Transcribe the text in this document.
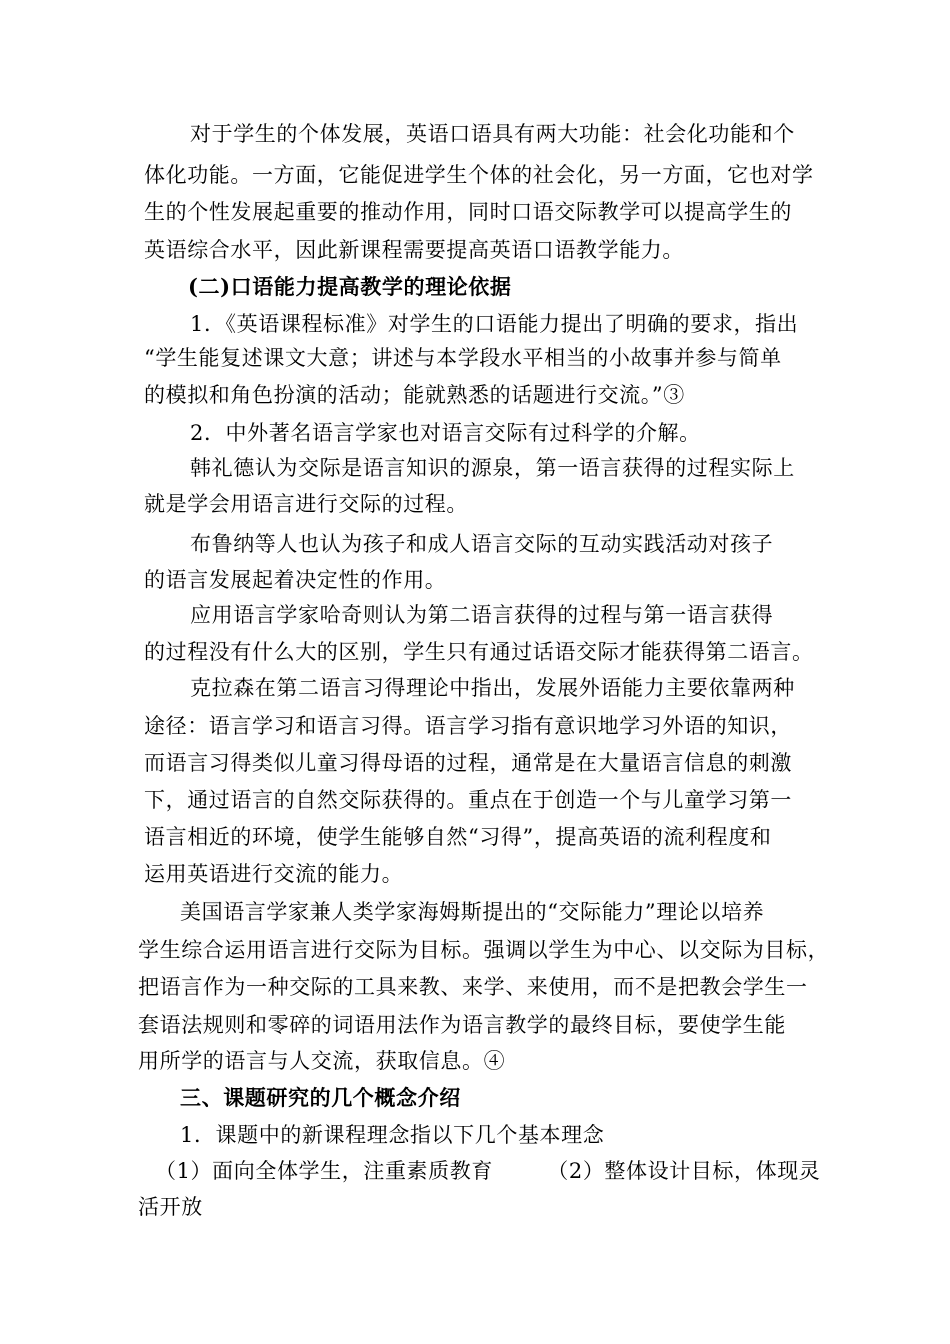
对于学生的个体发展，英语口语具有两大功能：社会化功能和个
体化功能。一方面，它能促进学生个体的社会化，另一方面，它也对学
生的个性发展起重要的推动作用，同时口语交际教学可以提高学生的
英语综合水平，因此新课程需要提高英语口语教学能力。
(二)口语能力提高教学的理论依据
1．《英语课程标准》对学生的口语能力提出了明确的要求，指出
“学生能复述课文大意；讲述与本学段水平相当的小故事并参与简单
的模拟和角色扮演的活动；能就熟悉的话题进行交流。”③
2．中外著名语言学家也对语言交际有过科学的介解。
韩礼德认为交际是语言知识的源泉，第一语言获得的过程实际上
就是学会用语言进行交际的过程。
布鲁纳等人也认为孩子和成人语言交际的互动实践活动对孩子
的语言发展起着决定性的作用。
应用语言学家哈奇则认为第二语言获得的过程与第一语言获得
的过程没有什么大的区别，学生只有通过话语交际才能获得第二语言。
克拉森在第二语言习得理论中指出，发展外语能力主要依靠两种
途径：语言学习和语言习得。语言学习指有意识地学习外语的知识，
而语言习得类似儿童习得母语的过程，通常是在大量语言信息的刺激
下，通过语言的自然交际获得的。重点在于创造一个与儿童学习第一
语言相近的环境，使学生能够自然“习得”，提高英语的流利程度和
运用英语进行交流的能力。
美国语言学家兼人类学家海姆斯提出的“交际能力”理论以培养
学生综合运用语言进行交际为目标。强调以学生为中心、以交际为目标，
把语言作为一种交际的工具来教、来学、来使用，而不是把教会学生一
套语法规则和零碎的词语用法作为语言教学的最终目标，要使学生能
用所学的语言与人交流，获取信息。④
三、课题研究的几个概念介绍
1．课题中的新课程理念指以下几个基本理念
（1）面向全体学生，注重素质教育　　　（2）整体设计目标，体现灵
活开放
